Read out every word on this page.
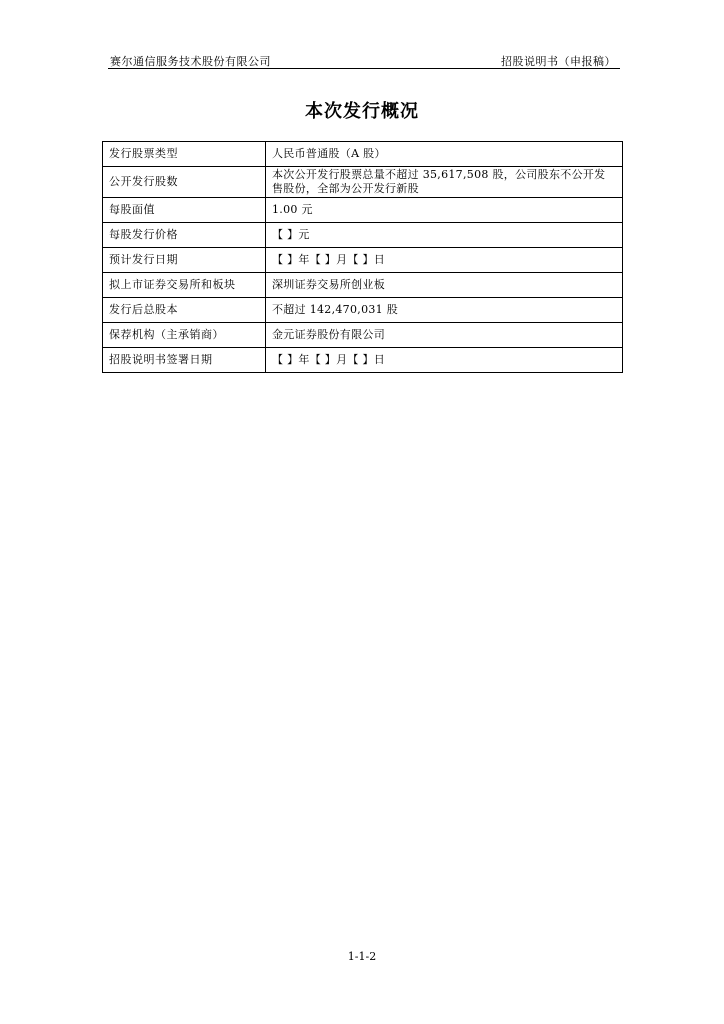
赛尔通信服务技术股份有限公司	招股说明书（申报稿）
本次发行概况
发行股票类型	人民币普通股（A 股）
公开发行股数	本次公开发行股票总量不超过 35,617,508 股，公司股东不公开发售股份，全部为公开发行新股
每股面值	1.00 元
每股发行价格	【 】元
预计发行日期	【 】年【 】月【 】日
拟上市证券交易所和板块	深圳证券交易所创业板
发行后总股本	不超过 142,470,031 股
保荐机构（主承销商）	金元证券股份有限公司
招股说明书签署日期	【 】年【 】月【 】日
1-1-2
